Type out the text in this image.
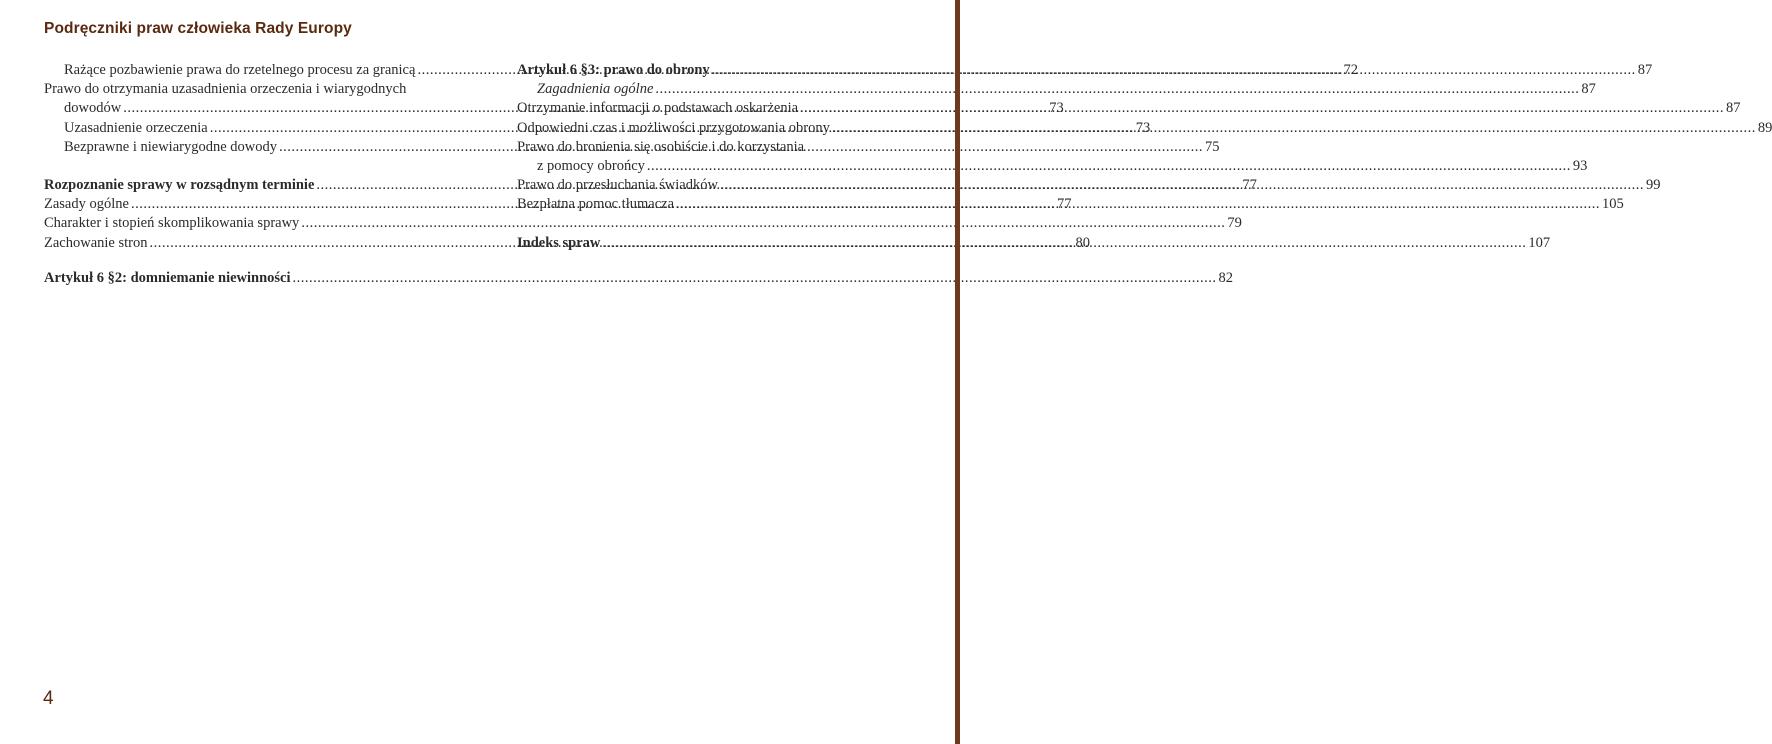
Podręczniki praw człowieka Rady Europy
Rażące pozbawienie prawa do rzetelnego procesu za granicą .....	72
Prawo do otrzymania uzasadnienia orzeczenia i wiarygodnych
dowodów .....	73
Uzasadnienie orzeczenia .....	73
Bezprawne i niewiarygodne dowody .....	75
Rozpoznanie sprawy w rozsądnym terminie .....	77
Zasady ogólne .....	77
Charakter i stopień skomplikowania sprawy .....	79
Zachowanie stron .....	80
Artykuł 6 §2: domniemanie niewinności .....	82
Artykuł 6 §3: prawo do obrony .....	87
Zagadnienia ogólne .....	87
Otrzymanie informacji o podstawach oskarżenia .....	87
Odpowiedni czas i możliwości przygotowania obrony .....	89
Prawo do bronienia się osobiście i do korzystania
z pomocy obrońcy .....	93
Prawo do przesłuchania świadków .....	99
Bezpłatna pomoc tłumacza .....	105
Indeks spraw .....	107
4
